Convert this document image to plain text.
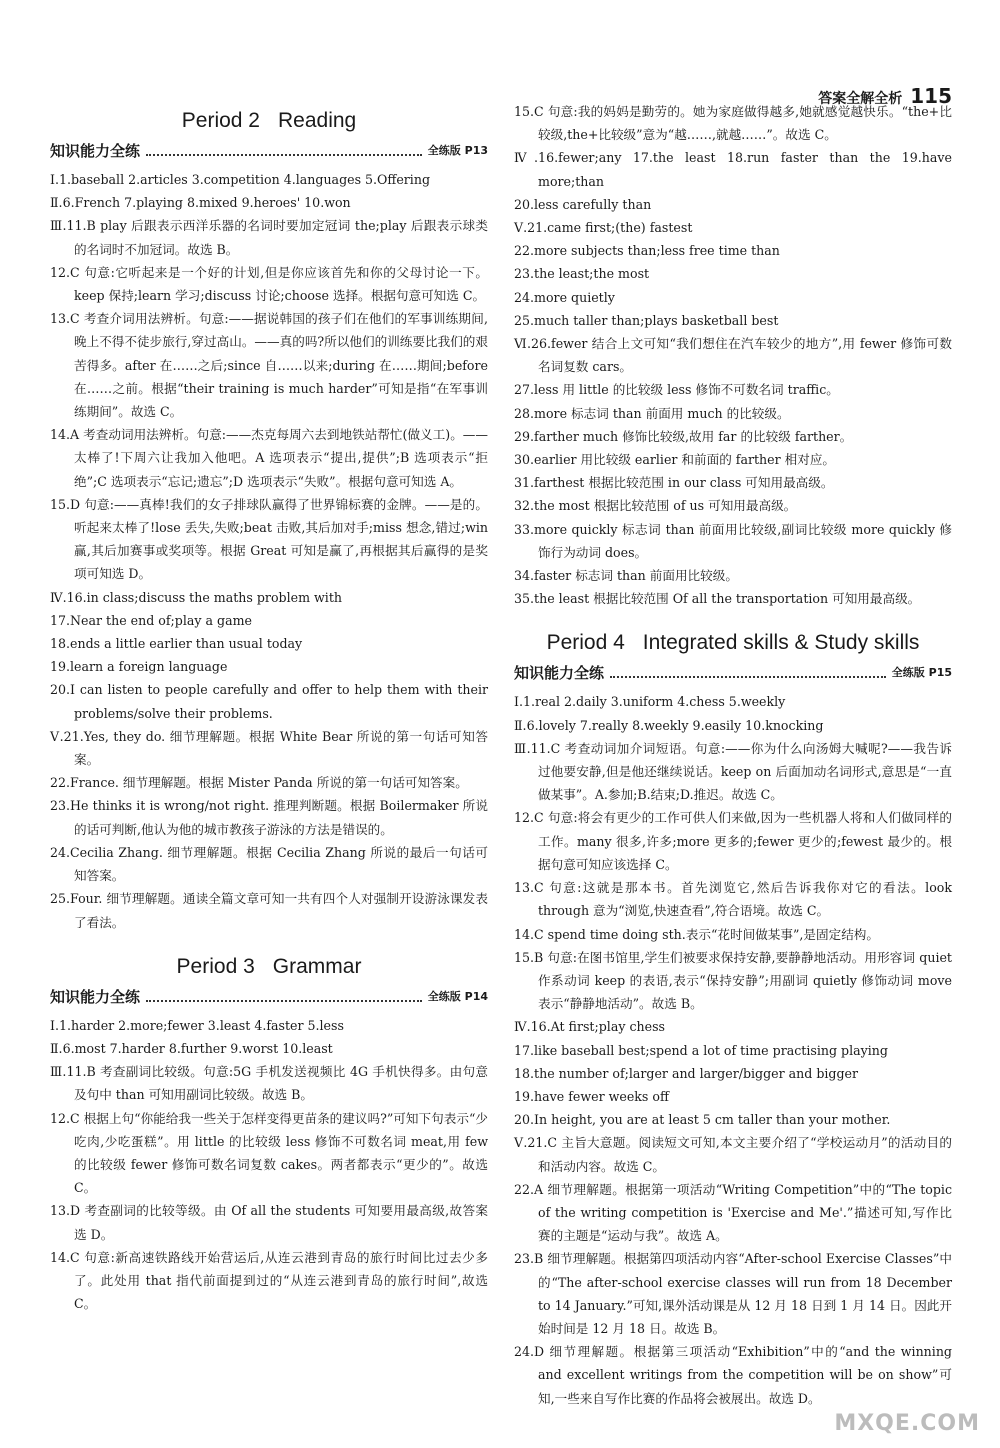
答案全解全析 115
Period 2 Reading
知识能力全练	全练版 P13

Ⅰ.1.baseball 2.articles 3.competition 4.languages 5.Offering

Ⅱ.6.French 7.playing 8.mixed 9.heroes' 10.won

Ⅲ.11.B play 后跟表示西洋乐器的名词时要加定冠词 the;play 后跟表示球类的名词时不加冠词。故选 B。

12.C 句意:它听起来是一个好的计划,但是你应该首先和你的父母讨论一下。keep 保持;learn 学习;discuss 讨论;choose 选择。根据句意可知选 C。

13.C 考查介词用法辨析。句意:——据说韩国的孩子们在他们的军事训练期间,晚上不得不徒步旅行,穿过高山。——真的吗?所以他们的训练要比我们的艰苦得多。after 在……之后;since 自……以来;during 在……期间;before 在……之前。根据“their training is much harder”可知是指“在军事训练期间”。故选 C。

14.A 考查动词用法辨析。句意:——杰克每周六去到地铁站帮忙(做义工)。——太棒了!下周六让我加入他吧。A 选项表示“提出,提供”;B 选项表示“拒绝”;C 选项表示“忘记;遗忘”;D 选项表示“失败”。根据句意可知选 A。

15.D 句意:——真棒!我们的女子排球队赢得了世界锦标赛的金牌。——是的。听起来太棒了!lose 丢失,失败;beat 击败,其后加对手;miss 想念,错过;win 赢,其后加赛事或奖项等。根据 Great 可知是赢了,再根据其后赢得的是奖项可知选 D。

Ⅳ.16.in class;discuss the maths problem with

17.Near the end of;play a game

18.ends a little earlier than usual today

19.learn a foreign language

20.I can listen to people carefully and offer to help them with their problems/solve their problems.

Ⅴ.21.Yes, they do. 细节理解题。根据 White Bear 所说的第一句话可知答案。

22.France. 细节理解题。根据 Mister Panda 所说的第一句话可知答案。

23.He thinks it is wrong/not right. 推理判断题。根据 Boilermaker 所说的话可判断,他认为他的城市教孩子游泳的方法是错误的。

24.Cecilia Zhang. 细节理解题。根据 Cecilia Zhang 所说的最后一句话可知答案。

25.Four. 细节理解题。通读全篇文章可知一共有四个人对强制开设游泳课发表了看法。

Period 3 Grammar
知识能力全练	全练版 P14

Ⅰ.1.harder 2.more;fewer 3.least 4.faster 5.less

Ⅱ.6.most 7.harder 8.further 9.worst 10.least

Ⅲ.11.B 考查副词比较级。句意:5G 手机发送视频比 4G 手机快得多。由句意及句中 than 可知用副词比较级。故选 B。

12.C 根据上句“你能给我一些关于怎样变得更苗条的建议吗?”可知下句表示“少吃肉,少吃蛋糕”。用 little 的比较级 less 修饰不可数名词 meat,用 few 的比较级 fewer 修饰可数名词复数 cakes。两者都表示“更少的”。故选 C。

13.D 考查副词的比较等级。由 Of all the students 可知要用最高级,故答案选 D。

14.C 句意:新高速铁路线开始营运后,从连云港到青岛的旅行时间比过去少多了。此处用 that 指代前面提到过的“从连云港到青岛的旅行时间”,故选 C。

15.C 句意:我的妈妈是勤劳的。她为家庭做得越多,她就感觉越快乐。“the+比较级,the+比较级”意为“越……,就越……”。故选 C。

Ⅳ.16.fewer;any 17.the least 18.run faster than the 19.have more;than

20.less carefully than

Ⅴ.21.came first;(the) fastest

22.more subjects than;less free time than

23.the least;the most

24.more quietly

25.much taller than;plays basketball best

Ⅵ.26.fewer 结合上文可知“我们想住在汽车较少的地方”,用 fewer 修饰可数名词复数 cars。

27.less 用 little 的比较级 less 修饰不可数名词 traffic。

28.more 标志词 than 前面用 much 的比较级。

29.farther much 修饰比较级,故用 far 的比较级 farther。

30.earlier 用比较级 earlier 和前面的 farther 相对应。

31.farthest 根据比较范围 in our class 可知用最高级。

32.the most 根据比较范围 of us 可知用最高级。

33.more quickly 标志词 than 前面用比较级,副词比较级 more quickly 修饰行为动词 does。

34.faster 标志词 than 前面用比较级。

35.the least 根据比较范围 Of all the transportation 可知用最高级。

Period 4 Integrated skills & Study skills
知识能力全练	全练版 P15

Ⅰ.1.real 2.daily 3.uniform 4.chess 5.weekly

Ⅱ.6.lovely 7.really 8.weekly 9.easily 10.knocking

Ⅲ.11.C 考查动词加介词短语。句意:——你为什么向汤姆大喊呢?——我告诉过他要安静,但是他还继续说话。keep on 后面加动名词形式,意思是“一直做某事”。A.参加;B.结束;D.推迟。故选 C。

12.C 句意:将会有更少的工作可供人们来做,因为一些机器人将和人们做同样的工作。many 很多,许多;more 更多的;fewer 更少的;fewest 最少的。根据句意可知应该选择 C。

13.C 句意:这就是那本书。首先浏览它,然后告诉我你对它的看法。look through 意为“浏览,快速查看”,符合语境。故选 C。

14.C spend time doing sth.表示“花时间做某事”,是固定结构。

15.B 句意:在图书馆里,学生们被要求保持安静,要静静地活动。用形容词 quiet 作系动词 keep 的表语,表示“保持安静”;用副词 quietly 修饰动词 move 表示“静静地活动”。故选 B。

Ⅳ.16.At first;play chess

17.like baseball best;spend a lot of time practising playing

18.the number of;larger and larger/bigger and bigger

19.have fewer weeks off

20.In height, you are at least 5 cm taller than your mother.

Ⅴ.21.C 主旨大意题。阅读短文可知,本文主要介绍了“学校运动月”的活动目的和活动内容。故选 C。

22.A 细节理解题。根据第一项活动“Writing Competition”中的“The topic of the writing competition is 'Exercise and Me'.”描述可知,写作比赛的主题是“运动与我”。故选 A。

23.B 细节理解题。根据第四项活动内容“After-school Exercise Classes”中的“The after-school exercise classes will run from 18 December to 14 January.”可知,课外活动课是从 12 月 18 日到 1 月 14 日。因此开始时间是 12 月 18 日。故选 B。

24.D 细节理解题。根据第三项活动“Exhibition”中的“and the winning and excellent writings from the competition will be on show”可知,一些来自写作比赛的作品将会被展出。故选 D。

MXQE.COM
